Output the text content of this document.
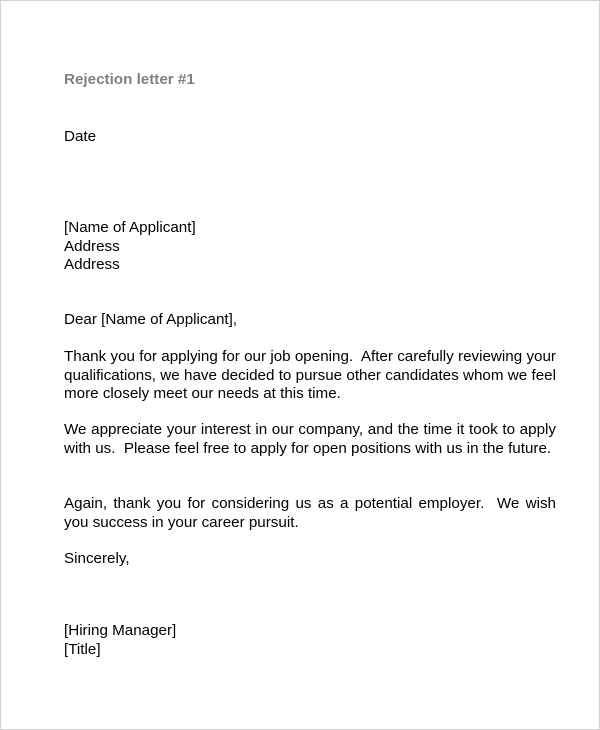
Rejection letter #1

Date

[Name of Applicant]
Address
Address

Dear [Name of Applicant],

Thank you for applying for our job opening.  After carefully reviewing your qualifications, we have decided to pursue other candidates whom we feel more closely meet our needs at this time.

We appreciate your interest in our company, and the time it took to apply with us.  Please feel free to apply for open positions with us in the future.

Again, thank you for considering us as a potential employer.  We wish you success in your career pursuit.

Sincerely,

[Hiring Manager]
[Title]
